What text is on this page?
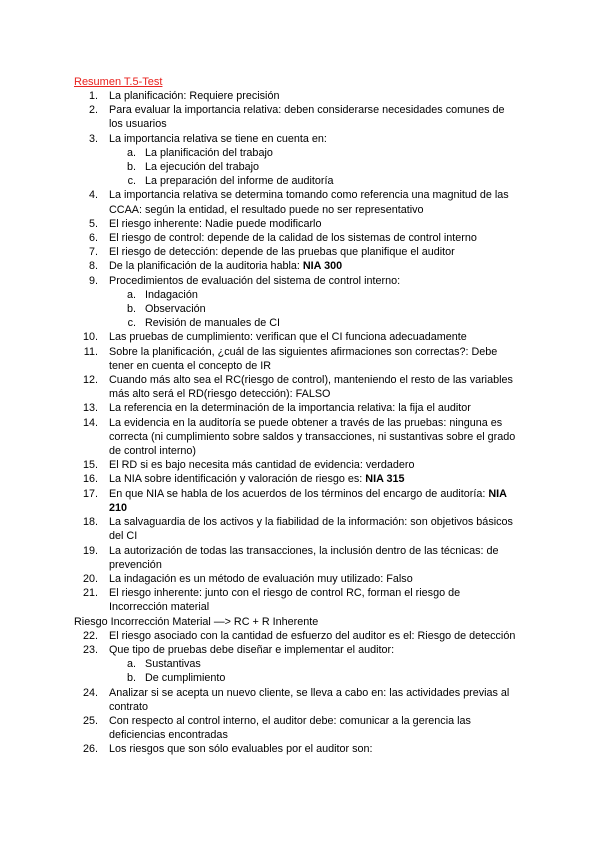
Resumen T.5-Test
1. La planificación: Requiere precisión
2. Para evaluar la importancia relativa: deben considerarse necesidades comunes de los usuarios
3. La importancia relativa se tiene en cuenta en:
a. La planificación del trabajo
b. La ejecución del trabajo
c. La preparación del informe de auditoría
4. La importancia relativa se determina tomando como referencia una magnitud de las CCAA: según la entidad, el resultado puede no ser representativo
5. El riesgo inherente: Nadie puede modificarlo
6. El riesgo de control: depende de la calidad de los sistemas de control interno
7. El riesgo de detección: depende de las pruebas que planifique el auditor
8. De la planificación de la auditoria habla: NIA 300
9. Procedimientos de evaluación del sistema de control interno:
a. Indagación
b. Observación
c. Revisión de manuales de CI
10. Las pruebas de cumplimiento: verifican que el CI funciona adecuadamente
11. Sobre la planificación, ¿cuál de las siguientes afirmaciones son correctas?: Debe tener en cuenta el concepto de IR
12. Cuando más alto sea el RC(riesgo de control), manteniendo el resto de las variables más alto será el RD(riesgo detección): FALSO
13. La referencia en la determinación de la importancia relativa: la fija el auditor
14. La evidencia en la auditoría se puede obtener a través de las pruebas: ninguna es correcta (ni cumplimiento sobre saldos y transacciones, ni sustantivas sobre el grado de control interno)
15. El RD si es bajo necesita más cantidad de evidencia: verdadero
16. La NIA sobre identificación y valoración de riesgo es: NIA 315
17. En que NIA se habla de los acuerdos de los términos del encargo de auditoría: NIA 210
18. La salvaguardia de los activos y la fiabilidad de la información: son objetivos básicos del CI
19. La autorización de todas las transacciones, la inclusión dentro de las técnicas: de prevención
20. La indagación es un método de evaluación muy utilizado: Falso
21. El riesgo inherente: junto con el riesgo de control RC, forman el riesgo de Incorrección material
Riesgo Incorrección Material —> RC + R Inherente
22. El riesgo asociado con la cantidad de esfuerzo del auditor es el: Riesgo de detección
23. Que tipo de pruebas debe diseñar e implementar el auditor:
a. Sustantivas
b. De cumplimiento
24. Analizar si se acepta un nuevo cliente, se lleva a cabo en: las actividades previas al contrato
25. Con respecto al control interno, el auditor debe: comunicar a la gerencia las deficiencias encontradas
26. Los riesgos que son sólo evaluables por el auditor son:
